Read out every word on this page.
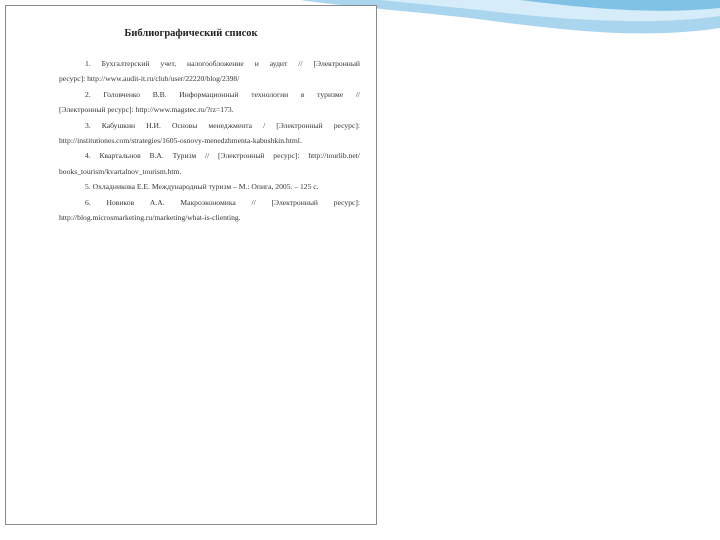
Библиографический список
1. Бухгалтерский учет, налогообложение и аудит // [Электронный
ресурс]: http://www.audit-it.ru/club/user/22220/blog/2398/
2. Головченко В.В. Информационный технологии в туризме //
[Электронный ресурс]: http://www.magstec.ru/?rz=173.
3. Кабушкин Н.И. Основы менеджмента / [Электронный ресурс]:
http://institutiones.com/strategies/1605-osnovy-menedzhmenta-kabushkin.html.
4. Квартальнов В.А. Туризм // [Электронный ресурс]: http://tourlib.net/
books_tourism/kvartalnov_tourism.htm.
5. Охладникова Е.Е. Международный туризм – М.: Опига, 2005. – 125 с.
6. Новиков А.А. Макроэкономика // [Электронный ресурс]:
http://blog.microsmarketing.ru/marketing/what-is-clienting.
